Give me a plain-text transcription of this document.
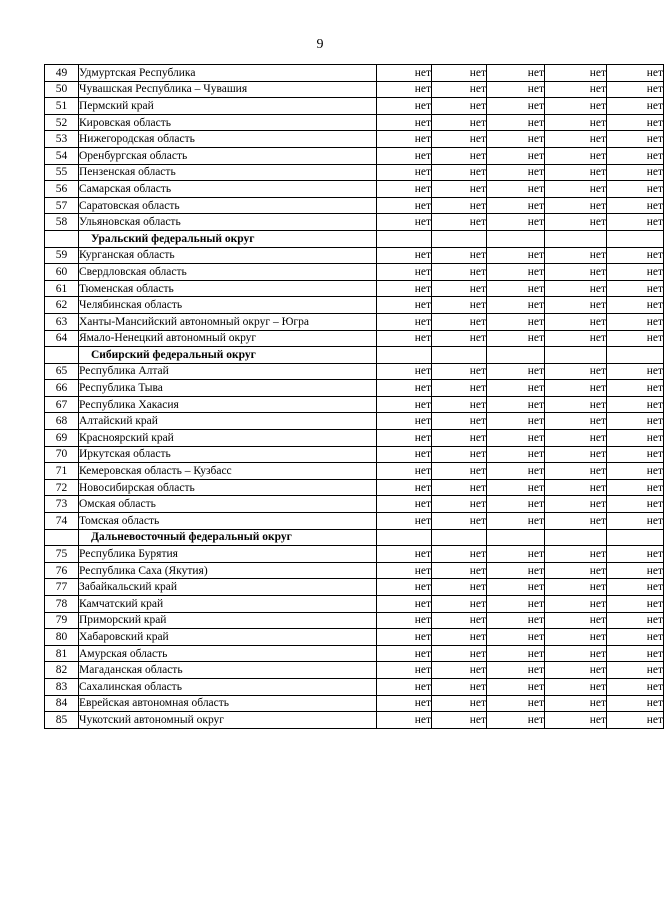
9
49	Удмуртская Республика	нет	нет	нет	нет	нет
50	Чувашская Республика – Чувашия	нет	нет	нет	нет	нет
51	Пермский край	нет	нет	нет	нет	нет
52	Кировская область	нет	нет	нет	нет	нет
53	Нижегородская область	нет	нет	нет	нет	нет
54	Оренбургская область	нет	нет	нет	нет	нет
55	Пензенская область	нет	нет	нет	нет	нет
56	Самарская область	нет	нет	нет	нет	нет
57	Саратовская область	нет	нет	нет	нет	нет
58	Ульяновская область	нет	нет	нет	нет	нет
	Уральский федеральный округ					
59	Курганская область	нет	нет	нет	нет	нет
60	Свердловская область	нет	нет	нет	нет	нет
61	Тюменская область	нет	нет	нет	нет	нет
62	Челябинская область	нет	нет	нет	нет	нет
63	Ханты-Мансийский автономный округ – Югра	нет	нет	нет	нет	нет
64	Ямало-Ненецкий автономный округ	нет	нет	нет	нет	нет
	Сибирский федеральный округ					
65	Республика Алтай	нет	нет	нет	нет	нет
66	Республика Тыва	нет	нет	нет	нет	нет
67	Республика Хакасия	нет	нет	нет	нет	нет
68	Алтайский край	нет	нет	нет	нет	нет
69	Красноярский край	нет	нет	нет	нет	нет
70	Иркутская область	нет	нет	нет	нет	нет
71	Кемеровская область – Кузбасс	нет	нет	нет	нет	нет
72	Новосибирская область	нет	нет	нет	нет	нет
73	Омская область	нет	нет	нет	нет	нет
74	Томская область	нет	нет	нет	нет	нет
	Дальневосточный федеральный округ					
75	Республика Бурятия	нет	нет	нет	нет	нет
76	Республика Саха (Якутия)	нет	нет	нет	нет	нет
77	Забайкальский край	нет	нет	нет	нет	нет
78	Камчатский край	нет	нет	нет	нет	нет
79	Приморский край	нет	нет	нет	нет	нет
80	Хабаровский край	нет	нет	нет	нет	нет
81	Амурская область	нет	нет	нет	нет	нет
82	Магаданская область	нет	нет	нет	нет	нет
83	Сахалинская область	нет	нет	нет	нет	нет
84	Еврейская автономная область	нет	нет	нет	нет	нет
85	Чукотский автономный округ	нет	нет	нет	нет	нет
